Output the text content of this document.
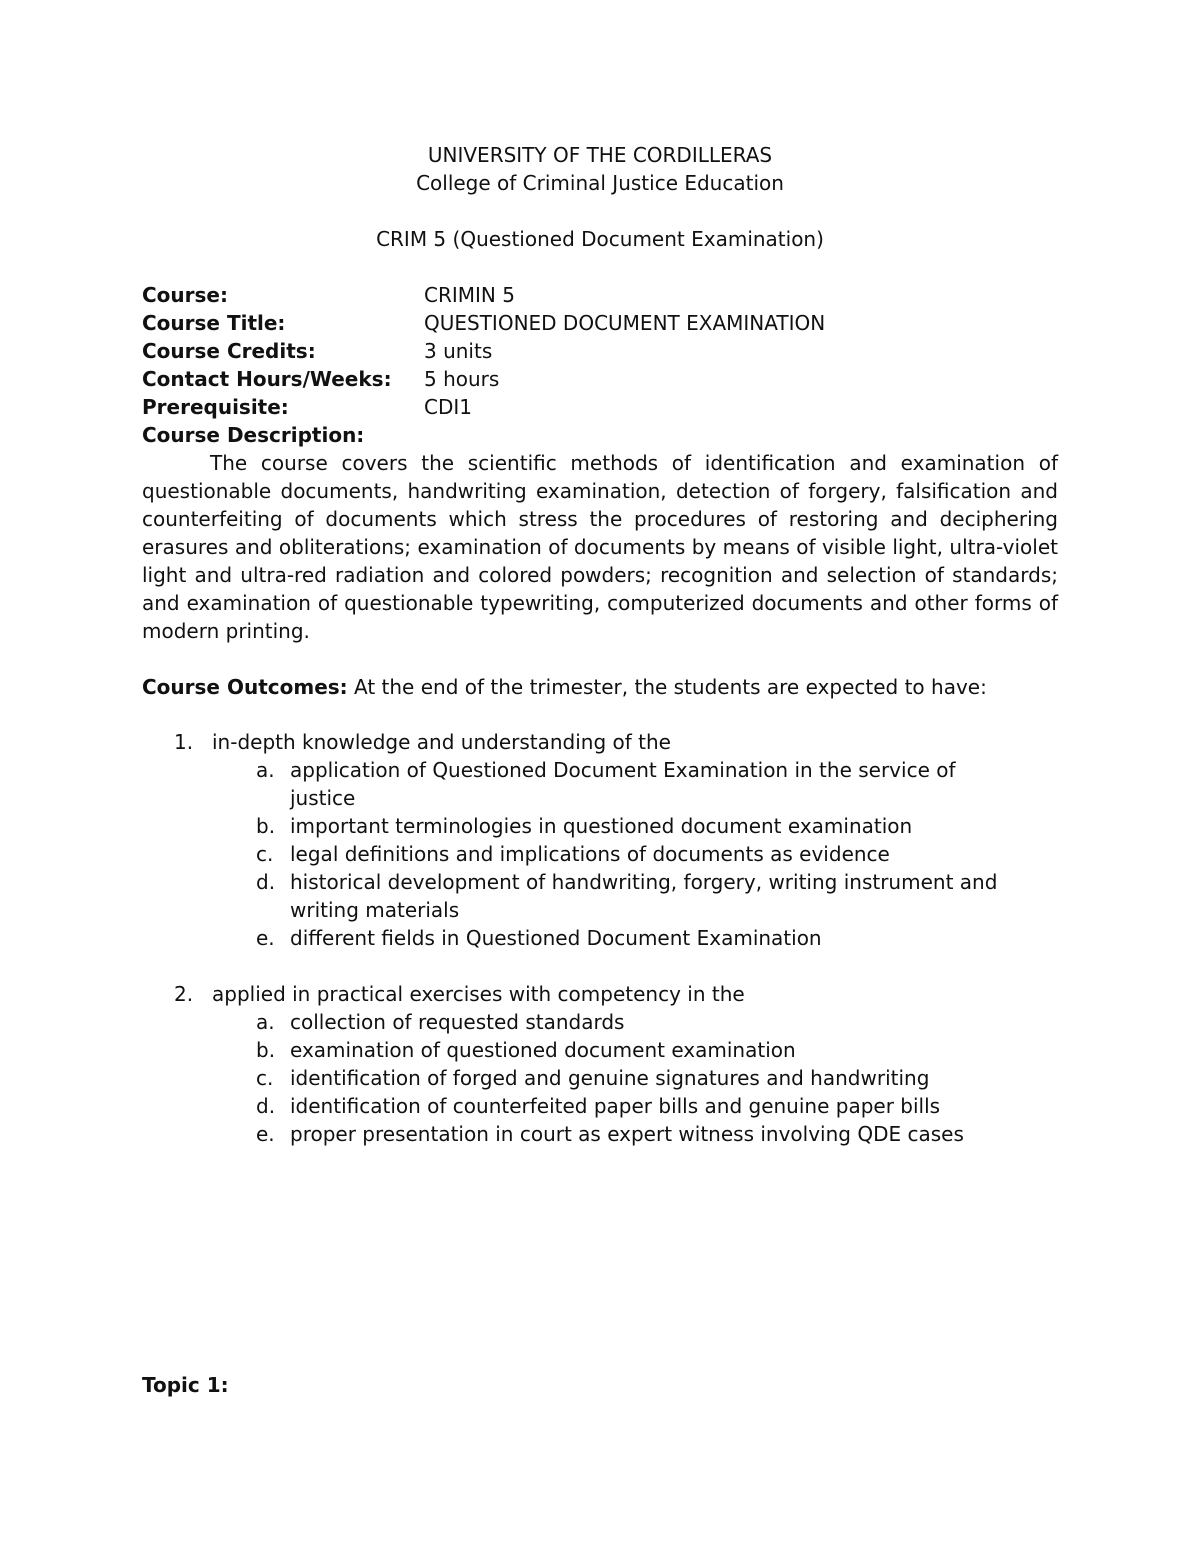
UNIVERSITY OF THE CORDILLERAS
College of Criminal Justice Education
CRIM 5 (Questioned Document Examination)
Course:	CRIMIN 5
Course Title:	QUESTIONED DOCUMENT EXAMINATION
Course Credits:	3 units
Contact Hours/Weeks: 5 hours
Prerequisite:	CDI1
Course Description:
The course covers the scientific methods of identification and examination of questionable documents, handwriting examination, detection of forgery, falsification and counterfeiting of documents which stress the procedures of restoring and deciphering erasures and obliterations; examination of documents by means of visible light, ultra-violet light and ultra-red radiation and colored powders; recognition and selection of standards; and examination of questionable typewriting, computerized documents and other forms of modern printing.
Course Outcomes: At the end of the trimester, the students are expected to have:
1. in-depth knowledge and understanding of the
a. application of Questioned Document Examination in the service of justice
b. important terminologies in questioned document examination
c. legal definitions and implications of documents as evidence
d. historical development of handwriting, forgery, writing instrument and writing materials
e. different fields in Questioned Document Examination
2. applied in practical exercises with competency in the
a. collection of requested standards
b. examination of questioned document examination
c. identification of forged and genuine signatures and handwriting
d. identification of counterfeited paper bills and genuine paper bills
e. proper presentation in court as expert witness involving QDE cases
Topic 1:
